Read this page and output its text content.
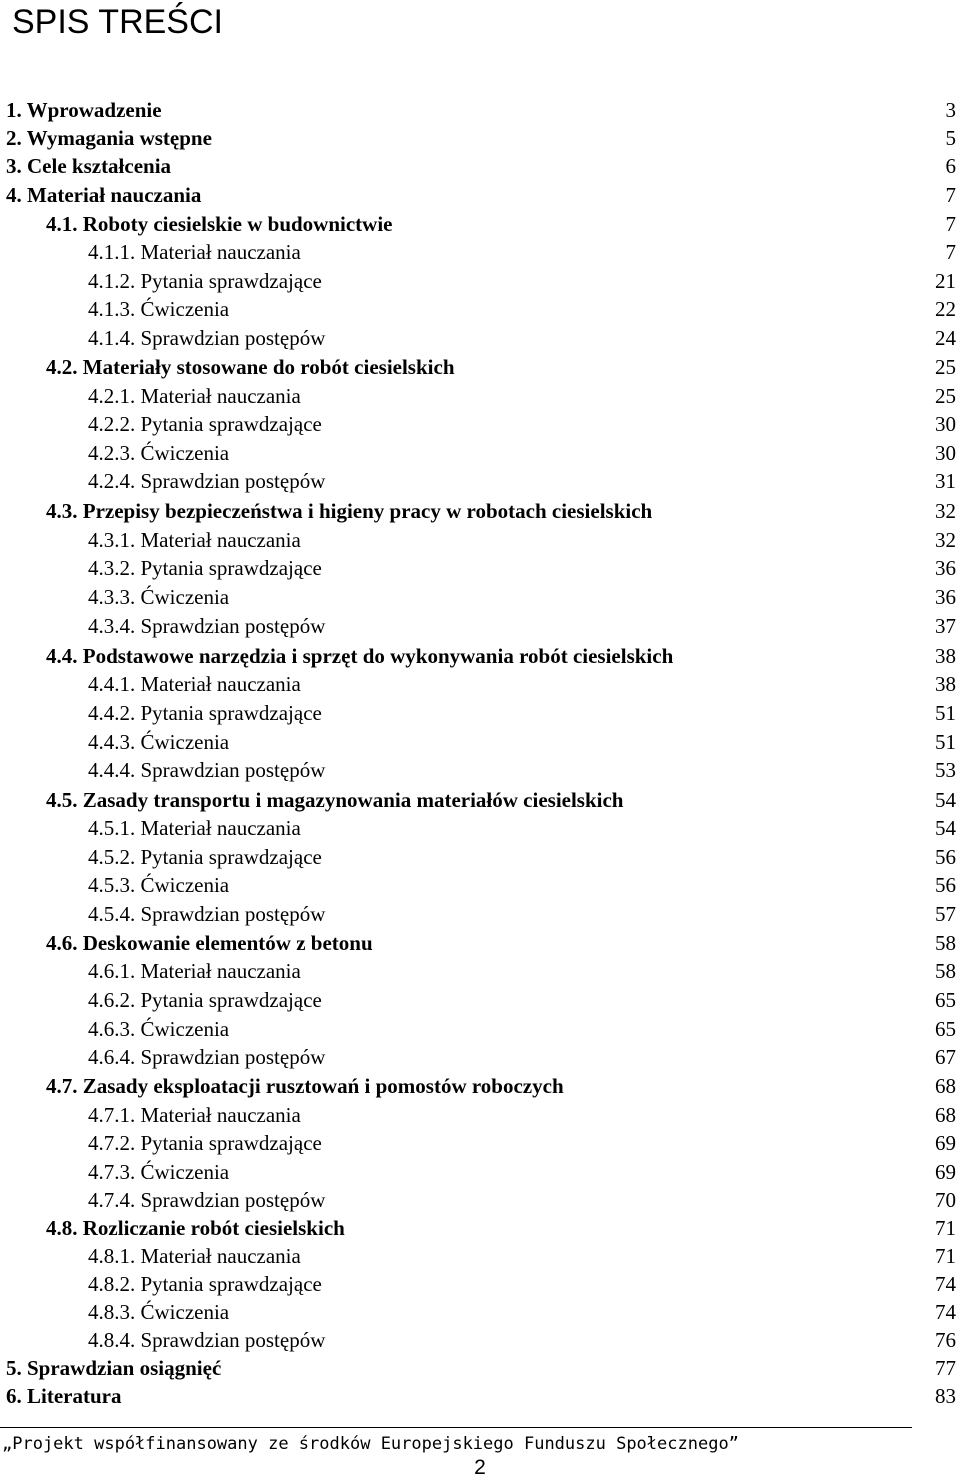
SPIS TREŚCI
1. Wprowadzenie	3
2. Wymagania wstępne	5
3. Cele kształcenia	6
4. Materiał nauczania	7
4.1. Roboty ciesielskie w budownictwie	7
4.1.1. Materiał nauczania	7
4.1.2. Pytania sprawdzające	21
4.1.3. Ćwiczenia	22
4.1.4. Sprawdzian postępów	24
4.2. Materiały stosowane do robót ciesielskich	25
4.2.1. Materiał nauczania	25
4.2.2. Pytania sprawdzające	30
4.2.3. Ćwiczenia	30
4.2.4. Sprawdzian postępów	31
4.3. Przepisy bezpieczeństwa i higieny pracy w robotach ciesielskich	32
4.3.1. Materiał nauczania	32
4.3.2. Pytania sprawdzające	36
4.3.3. Ćwiczenia	36
4.3.4. Sprawdzian postępów	37
4.4. Podstawowe narzędzia i sprzęt do wykonywania robót ciesielskich	38
4.4.1. Materiał nauczania	38
4.4.2. Pytania sprawdzające	51
4.4.3. Ćwiczenia	51
4.4.4. Sprawdzian postępów	53
4.5. Zasady transportu i magazynowania materiałów ciesielskich	54
4.5.1. Materiał nauczania	54
4.5.2. Pytania sprawdzające	56
4.5.3. Ćwiczenia	56
4.5.4. Sprawdzian postępów	57
4.6. Deskowanie elementów z betonu	58
4.6.1. Materiał nauczania	58
4.6.2. Pytania sprawdzające	65
4.6.3. Ćwiczenia	65
4.6.4. Sprawdzian postępów	67
4.7. Zasady eksploatacji rusztowań i pomostów roboczych	68
4.7.1. Materiał nauczania	68
4.7.2. Pytania sprawdzające	69
4.7.3. Ćwiczenia	69
4.7.4. Sprawdzian postępów	70
4.8. Rozliczanie robót ciesielskich	71
4.8.1. Materiał nauczania	71
4.8.2. Pytania sprawdzające	74
4.8.3. Ćwiczenia	74
4.8.4. Sprawdzian postępów	76
5. Sprawdzian osiągnięć	77
6. Literatura	83
„Projekt współfinansowany ze środków Europejskiego Funduszu Społecznego”
2
